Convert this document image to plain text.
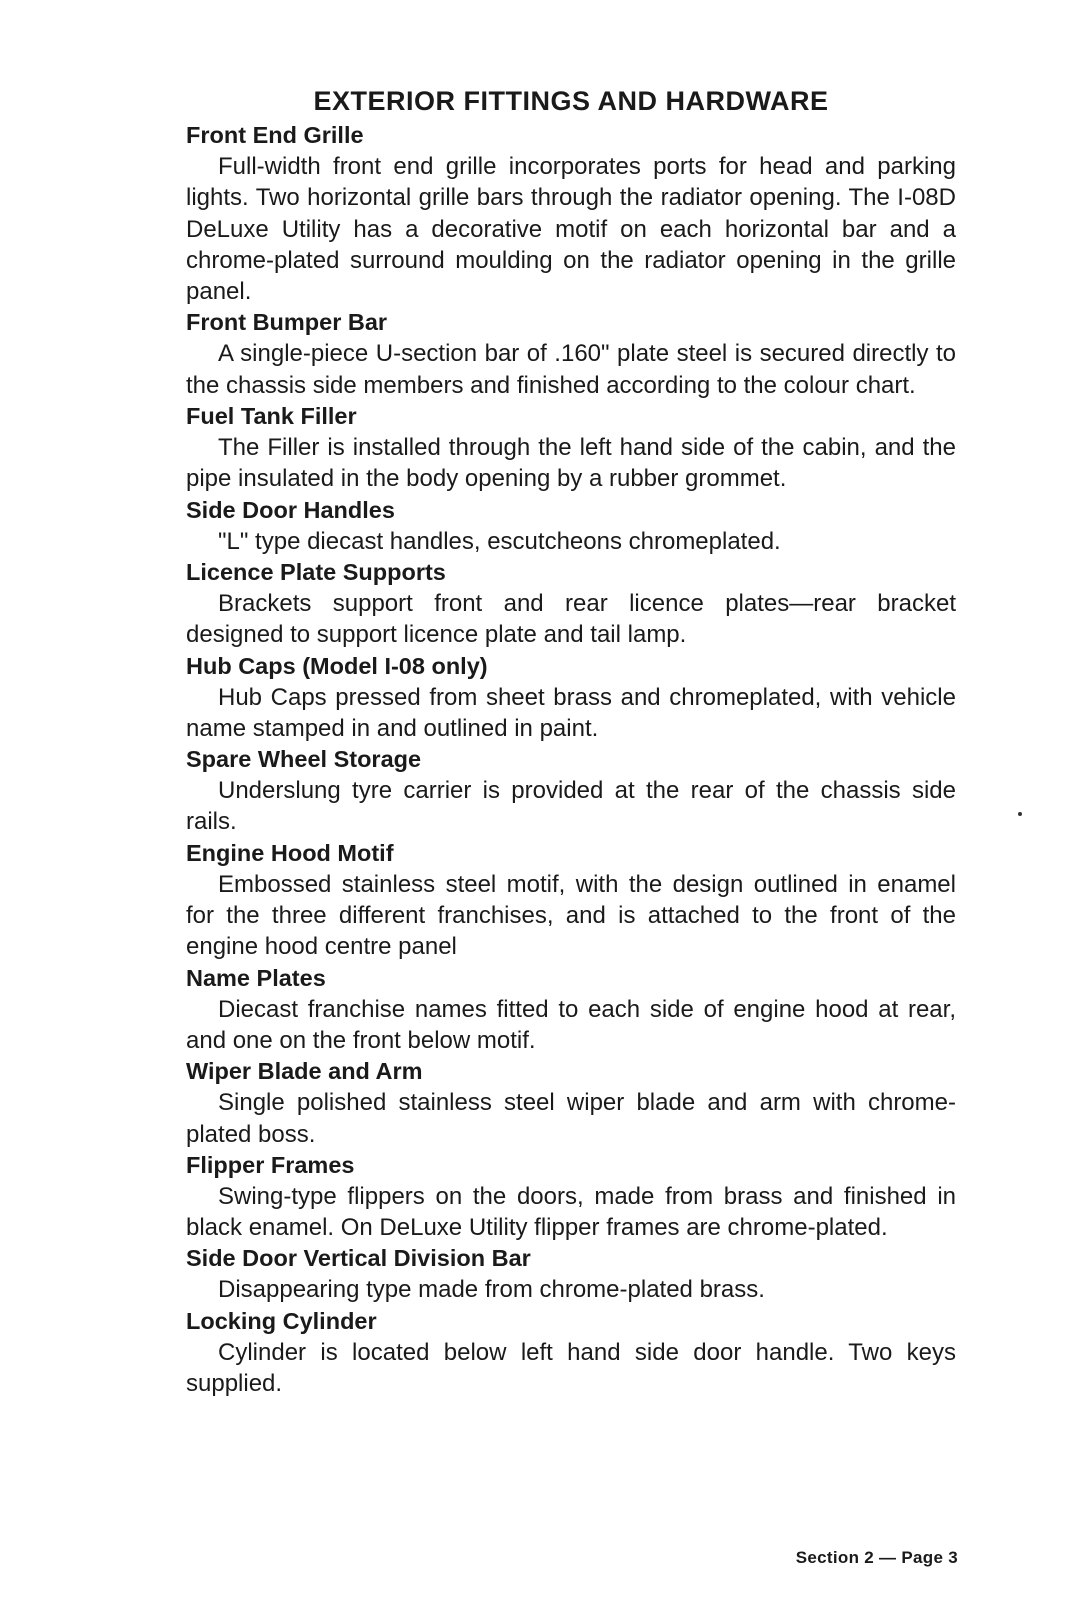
EXTERIOR FITTINGS AND HARDWARE
Front End Grille

Full-width front end grille incorporates ports for head and parking lights. Two horizontal grille bars through the radiator opening. The I-08D DeLuxe Utility has a decorative motif on each horizontal bar and a chrome-plated surround moulding on the radiator opening in the grille panel.

Front Bumper Bar

A single-piece U-section bar of .160" plate steel is secured directly to the chassis side members and finished according to the colour chart.

Fuel Tank Filler

The Filler is installed through the left hand side of the cabin, and the pipe insulated in the body opening by a rubber grommet.

Side Door Handles

"L" type diecast handles, escutcheons chromeplated.

Licence Plate Supports

Brackets support front and rear licence plates—rear bracket designed to support licence plate and tail lamp.

Hub Caps (Model I-08 only)

Hub Caps pressed from sheet brass and chromeplated, with vehicle name stamped in and outlined in paint.

Spare Wheel Storage

Underslung tyre carrier is provided at the rear of the chassis side rails.

Engine Hood Motif

Embossed stainless steel motif, with the design outlined in enamel for the three different franchises, and is attached to the front of the engine hood centre panel

Name Plates

Diecast franchise names fitted to each side of engine hood at rear, and one on the front below motif.

Wiper Blade and Arm

Single polished stainless steel wiper blade and arm with chrome-plated boss.

Flipper Frames

Swing-type flippers on the doors, made from brass and finished in black enamel. On DeLuxe Utility flipper frames are chrome-plated.

Side Door Vertical Division Bar

Disappearing type made from chrome-plated brass.

Locking Cylinder

Cylinder is located below left hand side door handle. Two keys supplied.

Section 2 — Page 3
